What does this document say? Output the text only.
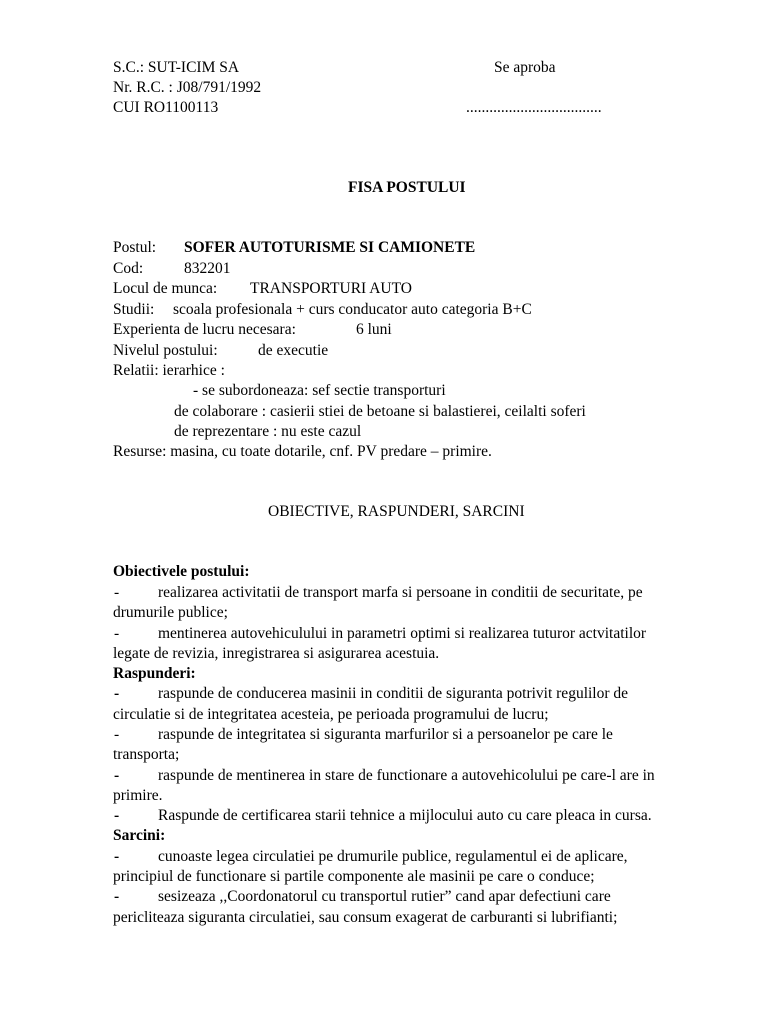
S.C.: SUT-ICIM SA
Nr. R.C. : J08/791/1992
CUI RO1100113
Se aproba
...................................
FISA POSTULUI
Postul: SOFER AUTOTURISME SI CAMIONETE
Cod:	832201
Locul de munca: TRANSPORTURI AUTO
Studii: scoala profesionala + curs conducator auto categoria B+C
Experienta de lucru necesara:	6 luni
Nivelul postului:	de executie
Relatii: ierarhice :
- se subordoneaza: sef sectie transporturi
de colaborare : casierii stiei de betoane si balastierei, ceilalti soferi
de reprezentare : nu este cazul
Resurse: masina, cu toate dotarile, cnf. PV predare – primire.
OBIECTIVE, RASPUNDERI, SARCINI
Obiectivele postului:
-	realizarea activitatii de transport marfa si persoane in conditii de securitate, pe
drumurile publice;
-	mentinerea autovehiculului in parametri optimi si realizarea tuturor actvitatilor
legate de revizia, inregistrarea si asigurarea acestuia.
Raspunderi:
-	raspunde de conducerea masinii in conditii de siguranta potrivit regulilor de
circulatie si de integritatea acesteia, pe perioada programului de lucru;
-	raspunde de integritatea si siguranta marfurilor si a persoanelor pe care le
transporta;
-	raspunde de mentinerea in stare de functionare a autovehicolului pe care-l are in
primire.
-	Raspunde de certificarea starii tehnice a mijlocului auto cu care pleaca in cursa.
Sarcini:
-	cunoaste legea circulatiei pe drumurile publice, regulamentul ei de aplicare,
principiul de functionare si partile componente ale masinii pe care o conduce;
-	sesizeaza ,,Coordonatorul cu transportul rutier” cand apar defectiuni care
pericliteaza siguranta circulatiei, sau consum exagerat de carburanti si lubrifianti;
